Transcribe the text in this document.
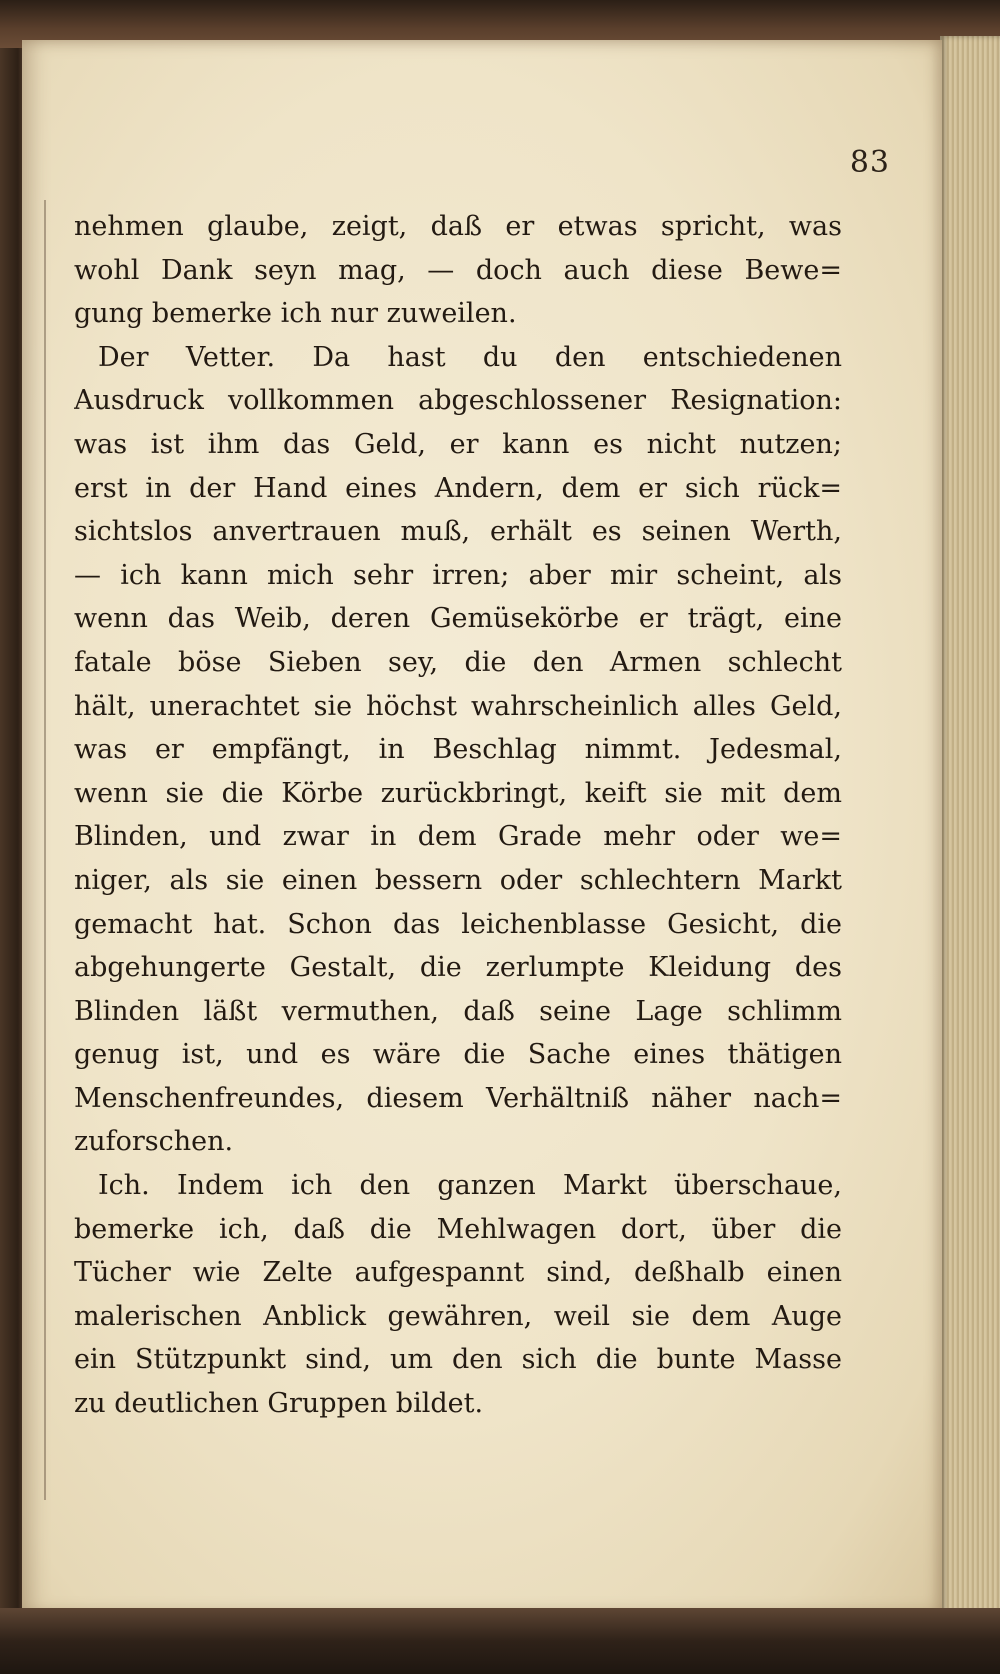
83
nehmen glaube, zeigt, daß er etwas spricht, was
wohl Dank seyn mag, — doch auch diese Bewe=
gung bemerke ich nur zuweilen.
Der Vetter. Da hast du den entschiedenen
Ausdruck vollkommen abgeschlossener Resignation:
was ist ihm das Geld, er kann es nicht nutzen;
erst in der Hand eines Andern, dem er sich rück=
sichtslos anvertrauen muß, erhält es seinen Werth,
— ich kann mich sehr irren; aber mir scheint, als
wenn das Weib, deren Gemüsekörbe er trägt, eine
fatale böse Sieben sey, die den Armen schlecht
hält, unerachtet sie höchst wahrscheinlich alles Geld,
was er empfängt, in Beschlag nimmt. Jedesmal,
wenn sie die Körbe zurückbringt, keift sie mit dem
Blinden, und zwar in dem Grade mehr oder we=
niger, als sie einen bessern oder schlechtern Markt
gemacht hat. Schon das leichenblasse Gesicht, die
abgehungerte Gestalt, die zerlumpte Kleidung des
Blinden läßt vermuthen, daß seine Lage schlimm
genug ist, und es wäre die Sache eines thätigen
Menschenfreundes, diesem Verhältniß näher nach=
zuforschen.
Ich. Indem ich den ganzen Markt überschaue,
bemerke ich, daß die Mehlwagen dort, über die
Tücher wie Zelte aufgespannt sind, deßhalb einen
malerischen Anblick gewähren, weil sie dem Auge
ein Stützpunkt sind, um den sich die bunte Masse
zu deutlichen Gruppen bildet.
